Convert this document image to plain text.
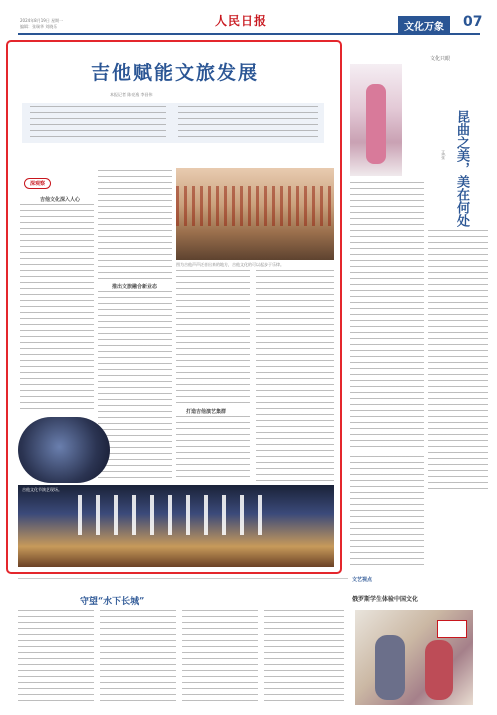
2024年8月19日 星期一
编辑：张瑞华 刘晓乐	人民日报	文化万象	07
吉他赋能文旅发展
本报记者 陈亮逸 李昌伟
深观察
吉他文化深入人心
推出文旅融合新业态
图为吉他声声泛音出来的地方，吉他文化的可以起步于乐律。
打造吉他演艺集群
吉他文化节演艺现场。
文化只眼
昆曲之美，美在何处
文/张
文艺视点
守望“水下长城”	俄罗斯学生体验中国文化
